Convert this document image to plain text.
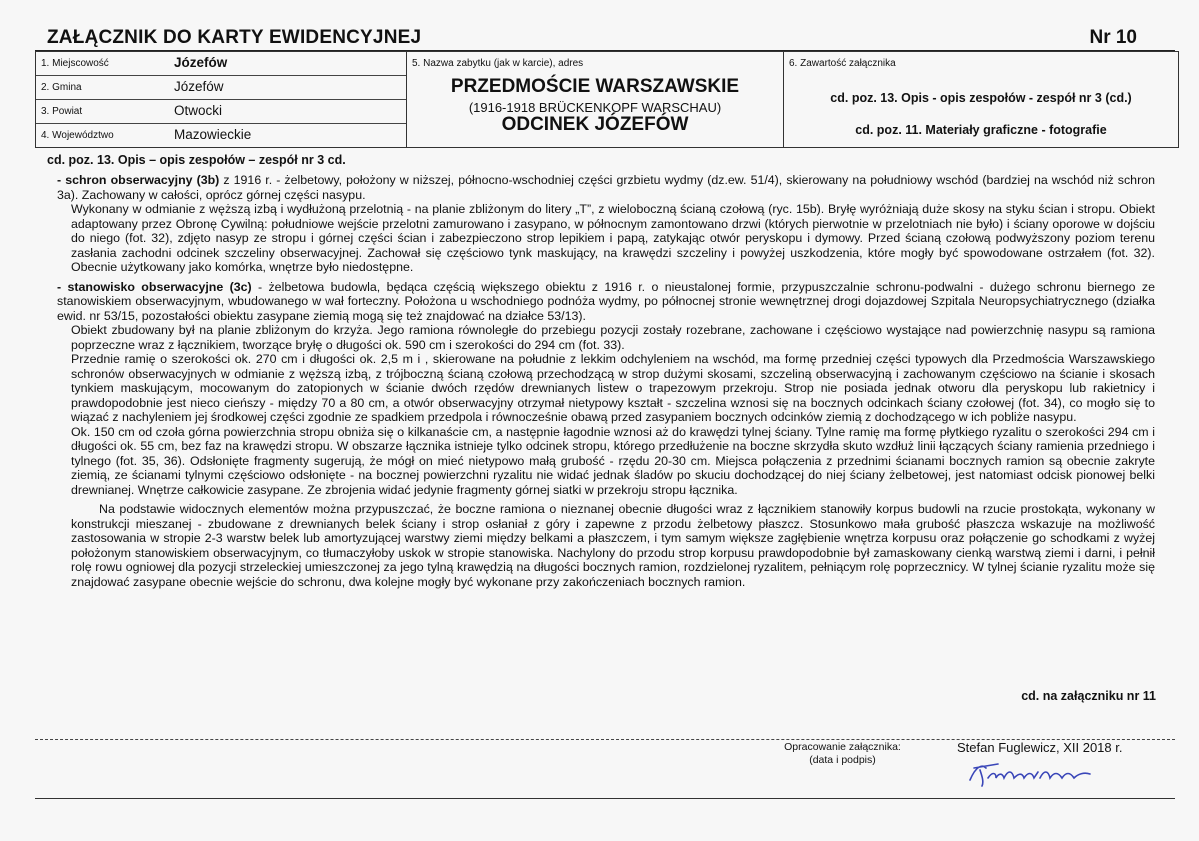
ZAŁĄCZNIK DO KARTY EWIDENCYJNEJ	Nr 10
1. Miejscowość	Józefów
2. Gmina	Józefów
3. Powiat	Otwocki
4. Województwo	Mazowieckie

5. Nazwa zabytku (jak w karcie), adres
PRZEDMOŚCIE WARSZAWSKIE
(1916-1918 BRÜCKENKOPF WARSCHAU)
ODCINEK JÓZEFÓW

6. Zawartość załącznika
cd. poz. 13. Opis - opis zespołów - zespół nr 3 (cd.)
cd. poz. 11. Materiały graficzne - fotografie
cd. poz. 13. Opis – opis zespołów – zespół nr 3 cd.

- schron obserwacyjny (3b) z 1916 r. - żelbetowy, położony w niższej, północno-wschodniej części grzbietu wydmy (dz.ew. 51/4), skierowany na południowy wschód (bardziej na wschód niż schron 3a). Zachowany w całości, oprócz górnej części nasypu.

Wykonany w odmianie z węższą izbą i wydłużoną przelotnią - na planie zbliżonym do litery „T”, z wieloboczną ścianą czołową (ryc. 15b). Bryłę wyróżniają duże skosy na styku ścian i stropu. Obiekt adaptowany przez Obronę Cywilną: południowe wejście przelotni zamurowano i zasypano, w północnym zamontowano drzwi (których pierwotnie w przelotniach nie było) i ściany oporowe w dojściu do niego (fot. 32), zdjęto nasyp ze stropu i górnej części ścian i zabezpieczono strop lepikiem i papą, zatykając otwór peryskopu i dymowy. Przed ścianą czołową podwyższony poziom terenu zasłania zachodni odcinek szczeliny obserwacyjnej. Zachował się częściowo tynk maskujący, na krawędzi szczeliny i powyżej uszkodzenia, które mogły być spowodowane ostrzałem (fot. 32). Obecnie użytkowany jako komórka, wnętrze było niedostępne.

- stanowisko obserwacyjne (3c) - żelbetowa budowla, będąca częścią większego obiektu z 1916 r. o nieustalonej formie, przypuszczalnie schronu-podwalni - dużego schronu biernego ze stanowiskiem obserwacyjnym, wbudowanego w wał forteczny. Położona u wschodniego podnóża wydmy, po północnej stronie wewnętrznej drogi dojazdowej Szpitala Neuropsychiatrycznego (działka ewid. nr 53/15, pozostałości obiektu zasypane ziemią mogą się też znajdować na działce 53/13).

Obiekt zbudowany był na planie zbliżonym do krzyża. Jego ramiona równoległe do przebiegu pozycji zostały rozebrane, zachowane i częściowo wystające nad powierzchnię nasypu są ramiona poprzeczne wraz z łącznikiem, tworzące bryłę o długości ok. 590 cm i szerokości do 294 cm (fot. 33).

Przednie ramię o szerokości ok. 270 cm i długości ok. 2,5 m i , skierowane na południe z lekkim odchyleniem na wschód, ma formę przedniej części typowych dla Przedmościa Warszawskiego schronów obserwacyjnych w odmianie z węższą izbą, z trójboczną ścianą czołową przechodzącą w strop dużymi skosami, szczeliną obserwacyjną i zachowanym częściowo na ścianie i skosach tynkiem maskującym, mocowanym do zatopionych w ścianie dwóch rzędów drewnianych listew o trapezowym przekroju. Strop nie posiada jednak otworu dla peryskopu lub rakietnicy i prawdopodobnie jest nieco cieńszy - między 70 a 80 cm, a otwór obserwacyjny otrzymał nietypowy kształt - szczelina wznosi się na bocznych odcinkach ściany czołowej (fot. 34), co mogło się to wiązać z nachyleniem jej środkowej części zgodnie ze spadkiem przedpola i równocześnie obawą przed zasypaniem bocznych odcinków ziemią z dochodzącego w ich pobliże nasypu.

Ok. 150 cm od czoła górna powierzchnia stropu obniża się o kilkanaście cm, a następnie łagodnie wznosi aż do krawędzi tylnej ściany. Tylne ramię ma formę płytkiego ryzalitu o szerokości 294 cm i długości ok. 55 cm, bez faz na krawędzi stropu. W obszarze łącznika istnieje tylko odcinek stropu, którego przedłużenie na boczne skrzydła skuto wzdłuż linii łączących ściany ramienia przedniego i tylnego (fot. 35, 36). Odsłonięte fragmenty sugerują, że mógł on mieć nietypowo małą grubość - rzędu 20-30 cm. Miejsca połączenia z przednimi ścianami bocznych ramion są obecnie zakryte ziemią, ze ścianami tylnymi częściowo odsłonięte - na bocznej powierzchni ryzalitu nie widać jednak śladów po skuciu dochodzącej do niej ściany żelbetowej, jest natomiast odcisk pionowej belki drewnianej. Wnętrze całkowicie zasypane. Ze zbrojenia widać jedynie fragmenty górnej siatki w przekroju stropu łącznika.

Na podstawie widocznych elementów można przypuszczać, że boczne ramiona o nieznanej obecnie długości wraz z łącznikiem stanowiły korpus budowli na rzucie prostokąta, wykonany w konstrukcji mieszanej - zbudowane z drewnianych belek ściany i strop osłaniał z góry i zapewne z przodu żelbetowy płaszcz. Stosunkowo mała grubość płaszcza wskazuje na możliwość zastosowania w stropie 2-3 warstw belek lub amortyzującej warstwy ziemi między belkami a płaszczem, i tym samym większe zagłębienie wnętrza korpusu oraz połączenie go schodkami z wyżej położonym stanowiskiem obserwacyjnym, co tłumaczyłoby uskok w stropie stanowiska. Nachylony do przodu strop korpusu prawdopodobnie był zamaskowany cienką warstwą ziemi i darni, i pełnił rolę rowu ogniowej dla pozycji strzeleckiej umieszczonej za jego tylną krawędzią na długości bocznych ramion, rozdzielonej ryzalitem, pełniącym rolę poprzecznicy. W tylnej ścianie ryzalitu może się znajdować zasypane obecnie wejście do schronu, dwa kolejne mogły być wykonane przy zakończeniach bocznych ramion.

cd. na załączniku nr 11
Opracowanie załącznika:
(data i podpis)
Stefan Fuglewicz, XII 2018 r.
